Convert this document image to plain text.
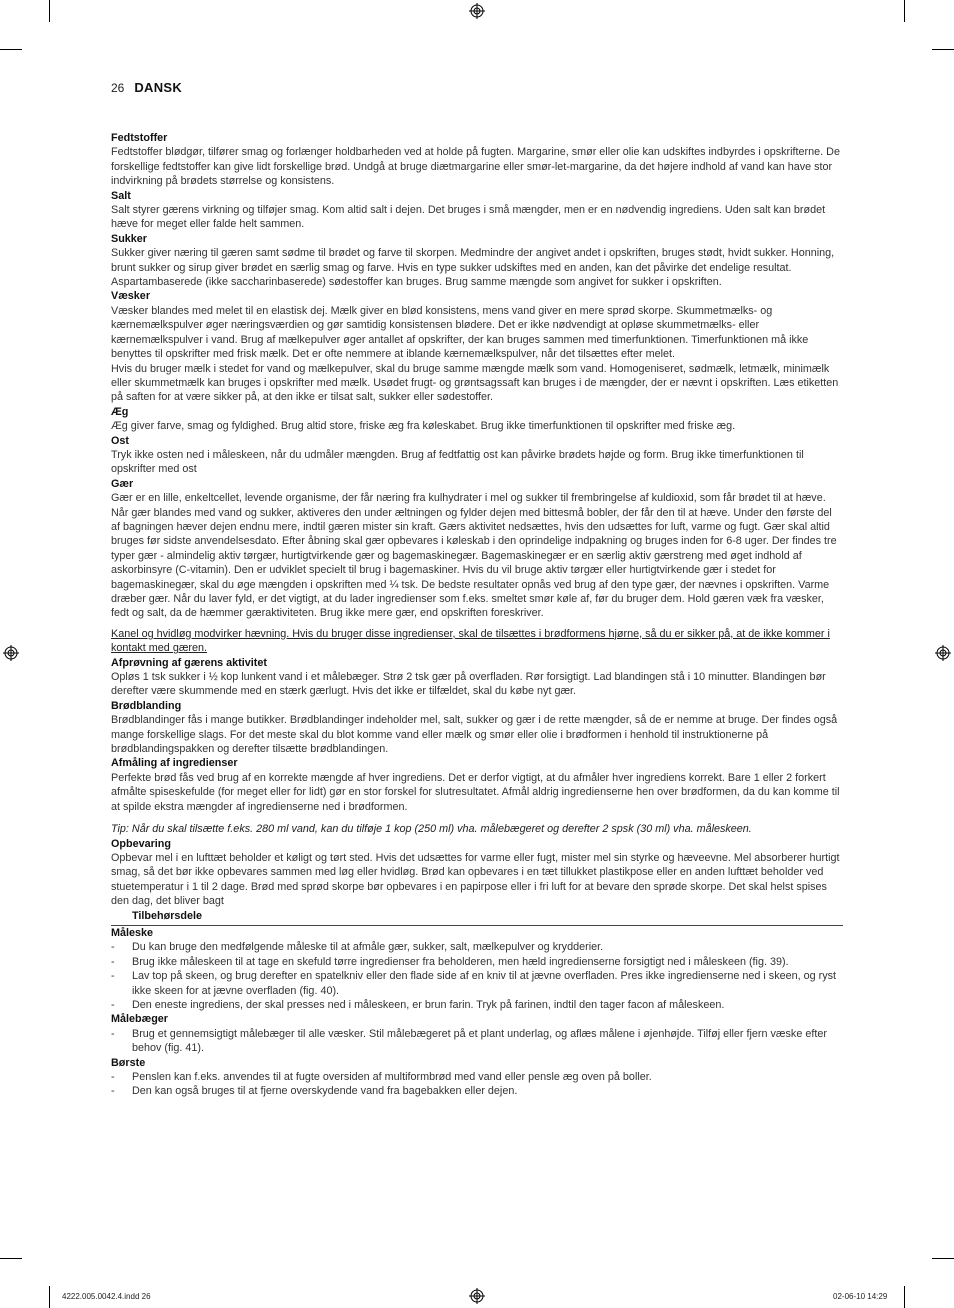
26 DANSK

Fedtstoffer

Fedtstoffer blødgør, tilfører smag og forlænger holdbarheden ved at holde på fugten. Margarine, smør eller olie kan udskiftes indbyrdes i opskrifterne. De forskellige fedtstoffer kan give lidt forskellige brød. Undgå at bruge diætmargarine eller smør-let-margarine, da det højere indhold af vand kan have stor indvirkning på brødets størrelse og konsistens.

Salt

Salt styrer gærens virkning og tilføjer smag. Kom altid salt i dejen. Det bruges i små mængder, men er en nødvendig ingrediens. Uden salt kan brødet hæve for meget eller falde helt sammen.

Sukker

Sukker giver næring til gæren samt sødme til brødet og farve til skorpen. Medmindre der angivet andet i opskriften, bruges stødt, hvidt sukker. Honning, brunt sukker og sirup giver brødet en særlig smag og farve. Hvis en type sukker udskiftes med en anden, kan det påvirke det endelige resultat.

Aspartambaserede (ikke saccharinbaserede) sødestoffer kan bruges. Brug samme mængde som angivet for sukker i opskriften.

Væsker

Væsker blandes med melet til en elastisk dej. Mælk giver en blød konsistens, mens vand giver en mere sprød skorpe. Skummetmælks- og kærnemælkspulver øger næringsværdien og gør samtidig konsistensen blødere. Det er ikke nødvendigt at opløse skummetmælks- eller kærnemælkspulver i vand. Brug af mælkepulver øger antallet af opskrifter, der kan bruges sammen med timerfunktionen. Timerfunktionen må ikke benyttes til opskrifter med frisk mælk. Det er ofte nemmere at iblande kærnemælkspulver, når det tilsættes efter melet.

Hvis du bruger mælk i stedet for vand og mælkepulver, skal du bruge samme mængde mælk som vand. Homogeniseret, sødmælk, letmælk, minimælk eller skummetmælk kan bruges i opskrifter med mælk. Usødet frugt- og grøntsagssaft kan bruges i de mængder, der er nævnt i opskriften. Læs etiketten på saften for at være sikker på, at den ikke er tilsat salt, sukker eller sødestoffer.

Æg

Æg giver farve, smag og fyldighed. Brug altid store, friske æg fra køleskabet. Brug ikke timerfunktionen til opskrifter med friske æg.

Ost

Tryk ikke osten ned i måleskeen, når du udmåler mængden. Brug af fedtfattig ost kan påvirke brødets højde og form. Brug ikke timerfunktionen til opskrifter med ost

Gær

Gær er en lille, enkeltcellet, levende organisme, der får næring fra kulhydrater i mel og sukker til frembringelse af kuldioxid, som får brødet til at hæve. Når gær blandes med vand og sukker, aktiveres den under æltningen og fylder dejen med bittesmå bobler, der får den til at hæve. Under den første del af bagningen hæver dejen endnu mere, indtil gæren mister sin kraft. Gærs aktivitet nedsættes, hvis den udsættes for luft, varme og fugt. Gær skal altid bruges før sidste anvendelsesdato. Efter åbning skal gær opbevares i køleskab i den oprindelige indpakning og bruges inden for 6-8 uger. Der findes tre typer gær - almindelig aktiv tørgær, hurtigtvirkende gær og bagemaskinegær. Bagemaskinegær er en særlig aktiv gærstreng med øget indhold af askorbinsyre (C-vitamin). Den er udviklet specielt til brug i bagemaskiner. Hvis du vil bruge aktiv tørgær eller hurtigtvirkende gær i stedet for bagemaskinegær, skal du øge mængden i opskriften med ¼ tsk. De bedste resultater opnås ved brug af den type gær, der nævnes i opskriften. Varme dræber gær. Når du laver fyld, er det vigtigt, at du lader ingredienser som f.eks. smeltet smør køle af, før du bruger dem. Hold gæren væk fra væsker, fedt og salt, da de hæmmer gæraktiviteten. Brug ikke mere gær, end opskriften foreskriver.

Kanel og hvidløg modvirker hævning. Hvis du bruger disse ingredienser, skal de tilsættes i brødformens hjørne, så du er sikker på, at de ikke kommer i kontakt med gæren.

Afprøvning af gærens aktivitet

Opløs 1 tsk sukker i ½ kop lunkent vand i et målebæger. Strø 2 tsk gær på overfladen. Rør forsigtigt. Lad blandingen stå i 10 minutter. Blandingen bør derefter være skummende med en stærk gærlugt. Hvis det ikke er tilfældet, skal du købe nyt gær.

Brødblanding

Brødblandinger fås i mange butikker. Brødblandinger indeholder mel, salt, sukker og gær i de rette mængder, så de er nemme at bruge. Der findes også mange forskellige slags. For det meste skal du blot komme vand eller mælk og smør eller olie i brødformen i henhold til instruktionerne på brødblandingspakken og derefter tilsætte brødblandingen.

Afmåling af ingredienser

Perfekte brød fås ved brug af en korrekte mængde af hver ingrediens. Det er derfor vigtigt, at du afmåler hver ingrediens korrekt. Bare 1 eller 2 forkert afmålte spiseskefulde (for meget eller for lidt) gør en stor forskel for slutresultatet. Afmål aldrig ingredienserne hen over brødformen, da du kan komme til at spilde ekstra mængder af ingredienserne ned i brødformen.

Tip: Når du skal tilsætte f.eks. 280 ml vand, kan du tilføje 1 kop (250 ml) vha. målebægeret og derefter 2 spsk (30 ml) vha. måleskeen.

Opbevaring

Opbevar mel i en lufttæt beholder et køligt og tørt sted. Hvis det udsættes for varme eller fugt, mister mel sin styrke og hæveevne. Mel absorberer hurtigt smag, så det bør ikke opbevares sammen med løg eller hvidløg. Brød kan opbevares i en tæt tillukket plastikpose eller en anden lufttæt beholder ved stuetemperatur i 1 til 2 dage. Brød med sprød skorpe bør opbevares i en papirpose eller i fri luft for at bevare den sprøde skorpe. Det skal helst spises den dag, det bliver bagt

Tilbehørsdele

Måleske

- Du kan bruge den medfølgende måleske til at afmåle gær, sukker, salt, mælkepulver og krydderier.
- Brug ikke måleskeen til at tage en skefuld tørre ingredienser fra beholderen, men hæld ingredienserne forsigtigt ned i måleskeen (fig. 39).
- Lav top på skeen, og brug derefter en spatelkniv eller den flade side af en kniv til at jævne overfladen. Pres ikke ingredienserne ned i skeen, og ryst ikke skeen for at jævne overfladen (fig. 40).
- Den eneste ingrediens, der skal presses ned i måleskeen, er brun farin. Tryk på farinen, indtil den tager facon af måleskeen.

Målebæger

- Brug et gennemsigtigt målebæger til alle væsker. Stil målebægeret på et plant underlag, og aflæs målene i øjenhøjde. Tilføj eller fjern væske efter behov (fig. 41).

Børste

- Penslen kan f.eks. anvendes til at fugte oversiden af multiformbrød med vand eller pensle æg oven på boller.
- Den kan også bruges til at fjerne overskydende vand fra bagebakken eller dejen.
4222.005.0042.4.indd 26	02-06-10 14:29
